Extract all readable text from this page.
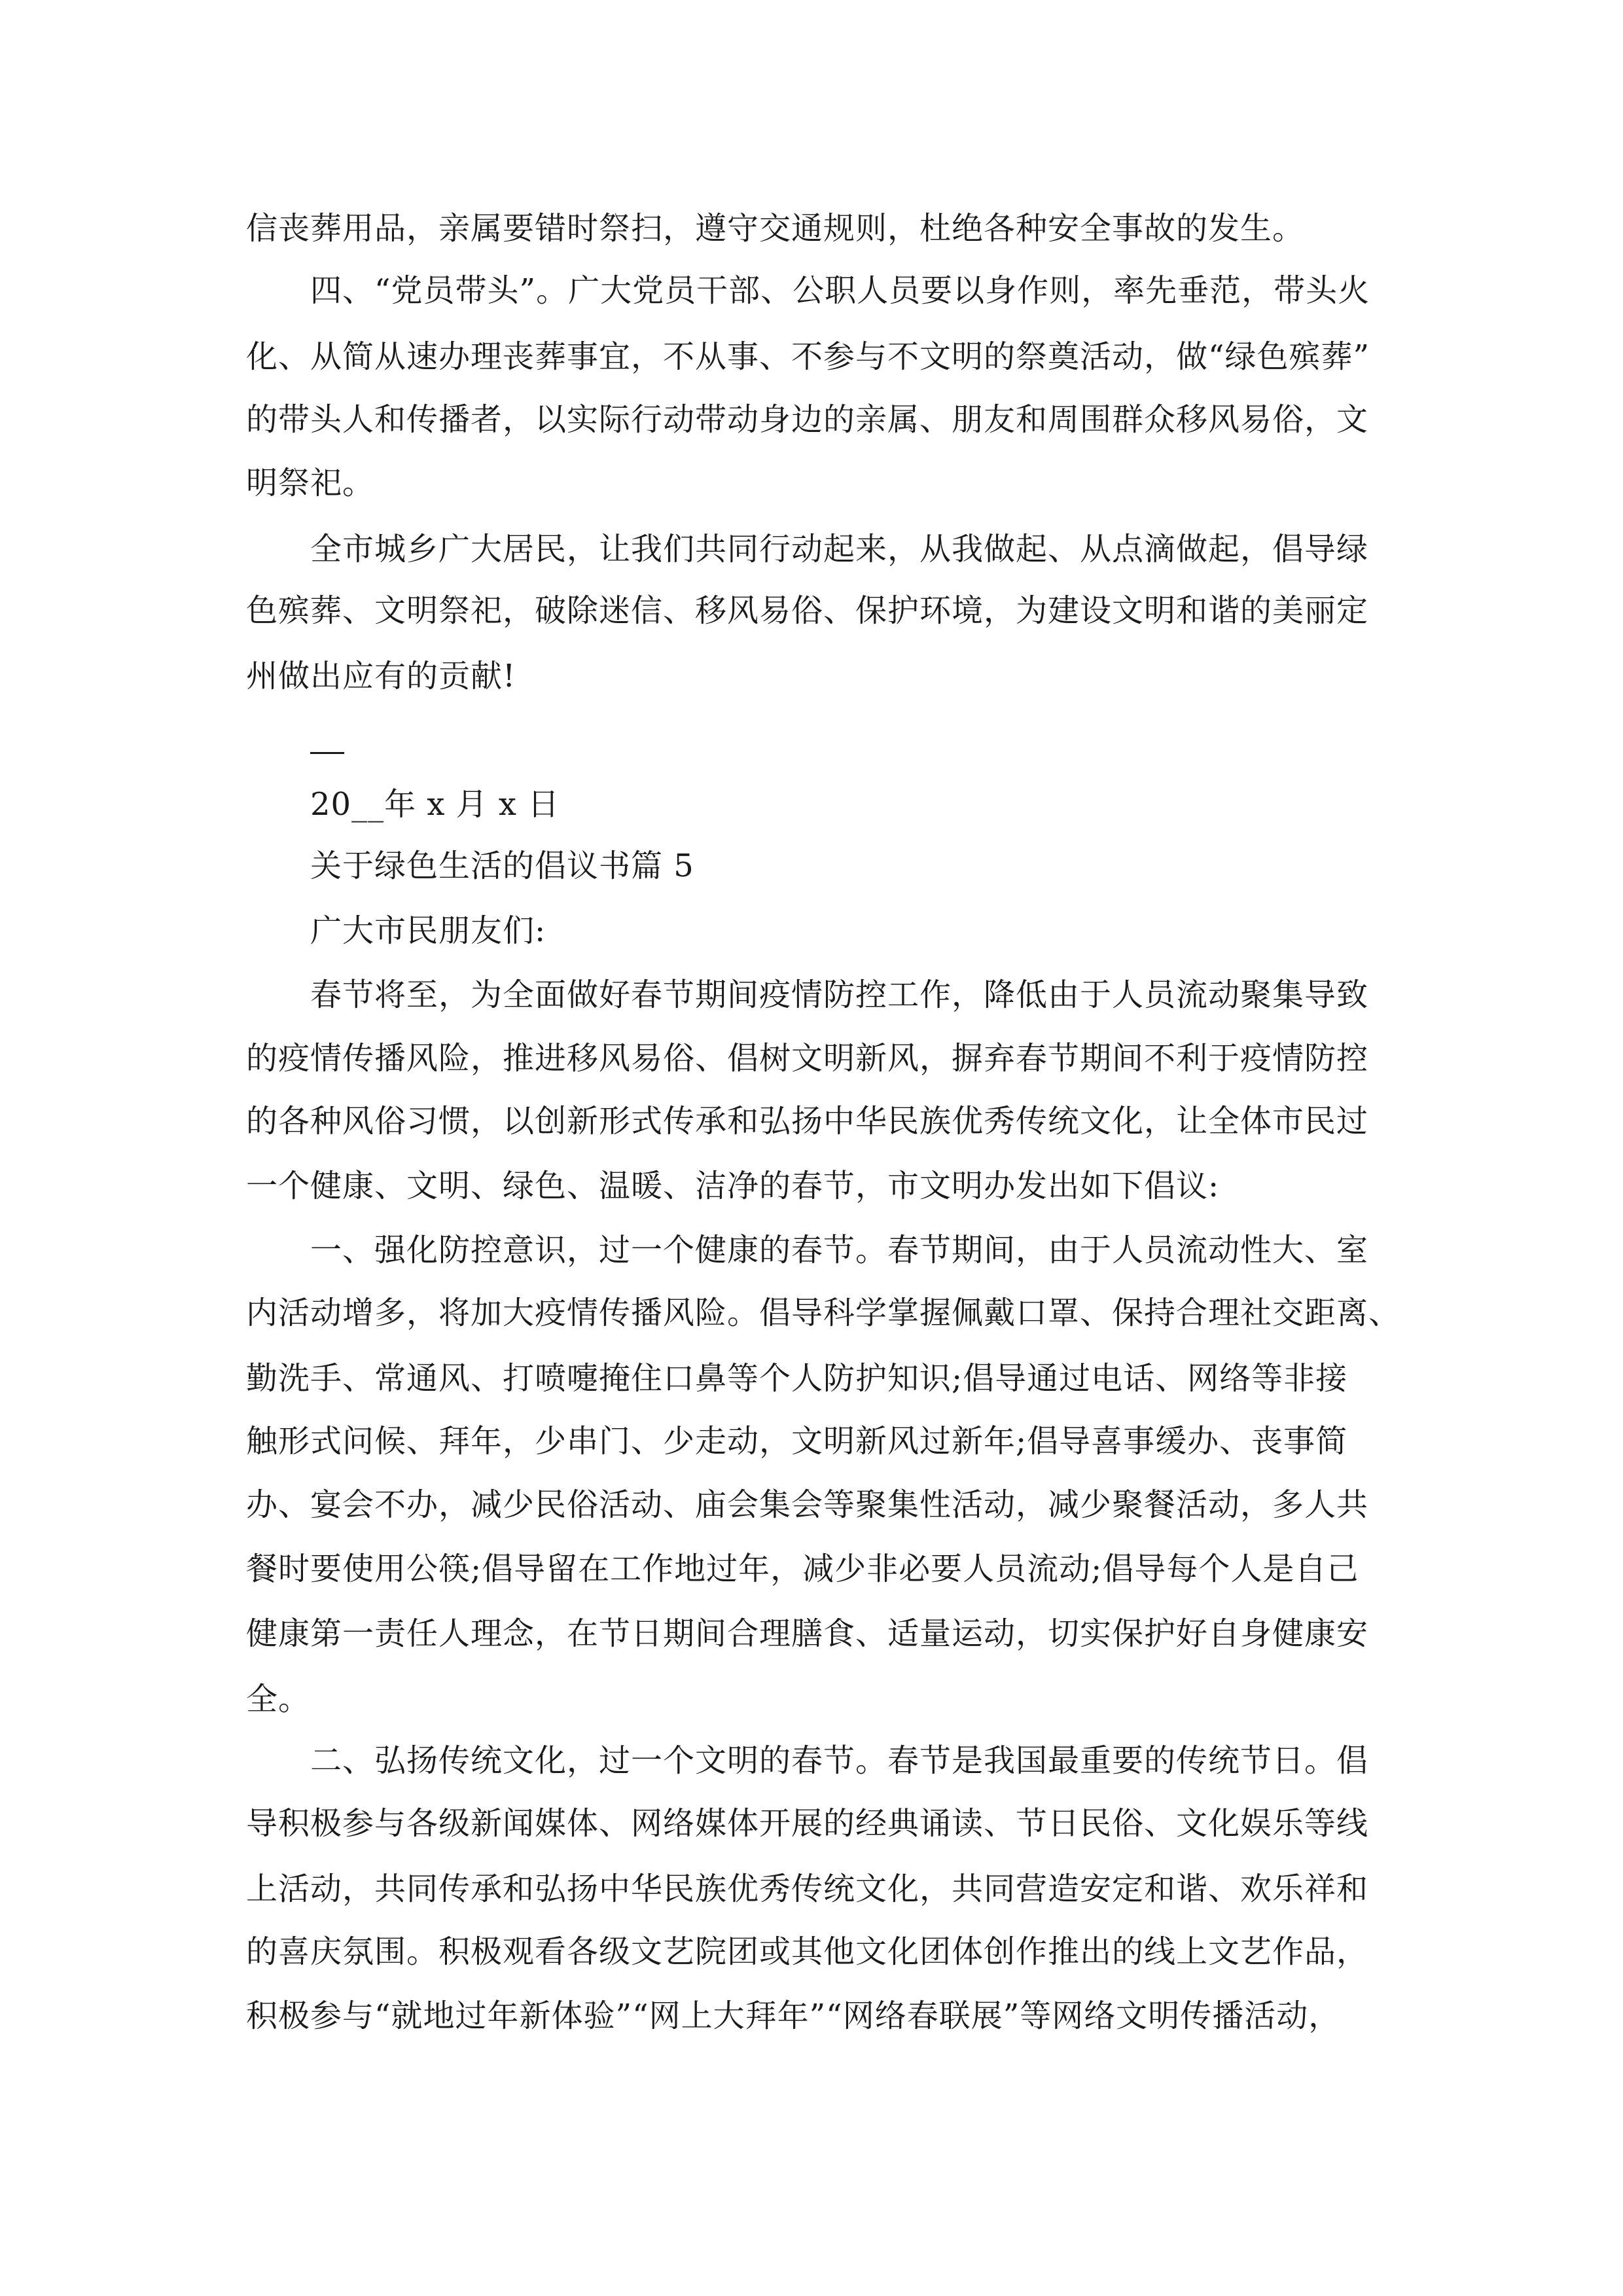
信丧葬用品，亲属要错时祭扫，遵守交通规则，杜绝各种安全事故的发生。
四、“党员带头”。广大党员干部、公职人员要以身作则，率先垂范，带头火
化、从简从速办理丧葬事宜，不从事、不参与不文明的祭奠活动，做“绿色殡葬”
的带头人和传播者，以实际行动带动身边的亲属、朋友和周围群众移风易俗，文
明祭祀。
全市城乡广大居民，让我们共同行动起来，从我做起、从点滴做起，倡导绿
色殡葬、文明祭祀，破除迷信、移风易俗、保护环境，为建设文明和谐的美丽定
州做出应有的贡献!
20__年 x 月 x 日
关于绿色生活的倡议书篇 5
广大市民朋友们:
春节将至，为全面做好春节期间疫情防控工作，降低由于人员流动聚集导致
的疫情传播风险，推进移风易俗、倡树文明新风，摒弃春节期间不利于疫情防控
的各种风俗习惯，以创新形式传承和弘扬中华民族优秀传统文化，让全体市民过
一个健康、文明、绿色、温暖、洁净的春节，市文明办发出如下倡议:
一、强化防控意识，过一个健康的春节。春节期间，由于人员流动性大、室
内活动增多，将加大疫情传播风险。倡导科学掌握佩戴口罩、保持合理社交距离、
勤洗手、常通风、打喷嚏掩住口鼻等个人防护知识;倡导通过电话、网络等非接
触形式问候、拜年，少串门、少走动，文明新风过新年;倡导喜事缓办、丧事简
办、宴会不办，减少民俗活动、庙会集会等聚集性活动，减少聚餐活动，多人共
餐时要使用公筷;倡导留在工作地过年，减少非必要人员流动;倡导每个人是自己
健康第一责任人理念，在节日期间合理膳食、适量运动，切实保护好自身健康安
全。
二、弘扬传统文化，过一个文明的春节。春节是我国最重要的传统节日。倡
导积极参与各级新闻媒体、网络媒体开展的经典诵读、节日民俗、文化娱乐等线
上活动，共同传承和弘扬中华民族优秀传统文化，共同营造安定和谐、欢乐祥和
的喜庆氛围。积极观看各级文艺院团或其他文化团体创作推出的线上文艺作品，
积极参与“就地过年新体验”“网上大拜年”“网络春联展”等网络文明传播活动，
